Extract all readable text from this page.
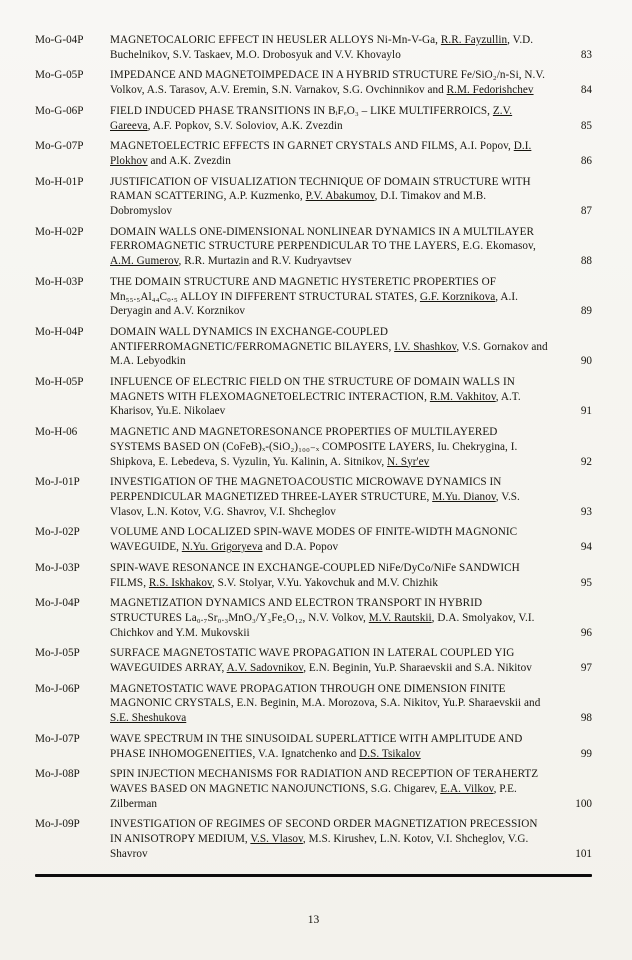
Mo-G-04P	MAGNETOCALORIC EFFECT IN HEUSLER ALLOYS Ni-Mn-V-Ga, R.R. Fayzullin, V.D. Buchelnikov, S.V. Taskaev, M.O. Drobosyuk and V.V. Khovaylo	83
Mo-G-05P	IMPEDANCE AND MAGNETOIMPEDACE IN A HYBRID STRUCTURE Fe/SiO₂/n-Si, N.V. Volkov, A.S. Tarasov, A.V. Eremin, S.N. Varnakov, S.G. Ovchinnikov and R.M. Fedorishchev	84
Mo-G-06P	FIELD INDUCED PHASE TRANSITIONS IN BᵢFₑO₃ – LIKE MULTIFERROICS, Z.V. Gareeva, A.F. Popkov, S.V. Soloviov, A.K. Zvezdin	85
Mo-G-07P	MAGNETOELECTRIC EFFECTS IN GARNET CRYSTALS AND FILMS, A.I. Popov, D.I. Plokhov and A.K. Zvezdin	86
Mo-H-01P	JUSTIFICATION OF VISUALIZATION TECHNIQUE OF DOMAIN STRUCTURE WITH RAMAN SCATTERING, A.P. Kuzmenko, P.V. Abakumov, D.I. Timakov and M.B. Dobromyslov	87
Mo-H-02P	DOMAIN WALLS ONE-DIMENSIONAL NONLINEAR DYNAMICS IN A MULTILAYER FERROMAGNETIC STRUCTURE PERPENDICULAR TO THE LAYERS, E.G. Ekomasov, A.M. Gumerov, R.R. Murtazin and R.V. Kudryavtsev	88
Mo-H-03P	THE DOMAIN STRUCTURE AND MAGNETIC HYSTERETIC PROPERTIES OF Mn₅₅.₅Al₄₄C₀.₅ ALLOY IN DIFFERENT STRUCTURAL STATES, G.F. Korznikova, A.I. Deryagin and A.V. Korznikov	89
Mo-H-04P	DOMAIN WALL DYNAMICS IN EXCHANGE-COUPLED ANTIFERROMAGNETIC/FERROMAGNETIC BILAYERS, I.V. Shashkov, V.S. Gornakov and M.A. Lebyodkin	90
Mo-H-05P	INFLUENCE OF ELECTRIC FIELD ON THE STRUCTURE OF DOMAIN WALLS IN MAGNETS WITH FLEXOMAGNETOELECTRIC INTERACTION, R.M. Vakhitov, A.T. Kharisov, Yu.E. Nikolaev	91
Mo-H-06	MAGNETIC AND MAGNETORESONANCE PROPERTIES OF MULTILAYERED SYSTEMS BASED ON (CoFeB)ₓ-(SiO₂)₁₀₀₋ₓ COMPOSITE LAYERS, Iu. Chekrygina, I. Shipkova, E. Lebedeva, S. Vyzulin, Yu. Kalinin, A. Sitnikov, N. Syr'ev	92
Mo-J-01P	INVESTIGATION OF THE MAGNETOACOUSTIC MICROWAVE DYNAMICS IN PERPENDICULAR MAGNETIZED THREE-LAYER STRUCTURE, M.Yu. Dianov, V.S. Vlasov, L.N. Kotov, V.G. Shavrov, V.I. Shcheglov	93
Mo-J-02P	VOLUME AND LOCALIZED SPIN-WAVE MODES OF FINITE-WIDTH MAGNONIC WAVEGUIDE, N.Yu. Grigoryeva and D.A. Popov	94
Mo-J-03P	SPIN-WAVE RESONANCE IN EXCHANGE-COUPLED NiFe/DyCo/NiFe SANDWICH FILMS, R.S. Iskhakov, S.V. Stolyar, V.Yu. Yakovchuk and M.V. Chizhik	95
Mo-J-04P	MAGNETIZATION DYNAMICS AND ELECTRON TRANSPORT IN HYBRID STRUCTURES La₀.₇Sr₀.₃MnO₃/Y₃Fe₅O₁₂, N.V. Volkov, M.V. Rautskii, D.A. Smolyakov, V.I. Chichkov and Y.M. Mukovskii	96
Mo-J-05P	SURFACE MAGNETOSTATIC WAVE PROPAGATION IN LATERAL COUPLED YIG WAVEGUIDES ARRAY, A.V. Sadovnikov, E.N. Beginin, Yu.P. Sharaevskii and S.A. Nikitov	97
Mo-J-06P	MAGNETOSTATIC WAVE PROPAGATION THROUGH ONE DIMENSION FINITE MAGNONIC CRYSTALS, E.N. Beginin, M.A. Morozova, S.A. Nikitov, Yu.P. Sharaevskii and S.E. Sheshukova	98
Mo-J-07P	WAVE SPECTRUM IN THE SINUSOIDAL SUPERLATTICE WITH AMPLITUDE AND PHASE INHOMOGENEITIES, V.A. Ignatchenko and D.S. Tsikalov	99
Mo-J-08P	SPIN INJECTION MECHANISMS FOR RADIATION AND RECEPTION OF TERAHERTZ WAVES BASED ON MAGNETIC NANOJUNCTIONS, S.G. Chigarev, E.A. Vilkov, P.E. Zilberman	100
Mo-J-09P	INVESTIGATION OF REGIMES OF SECOND ORDER MAGNETIZATION PRECESSION IN ANISOTROPY MEDIUM, V.S. Vlasov, M.S. Kirushev, L.N. Kotov, V.I. Shcheglov, V.G. Shavrov	101
13
